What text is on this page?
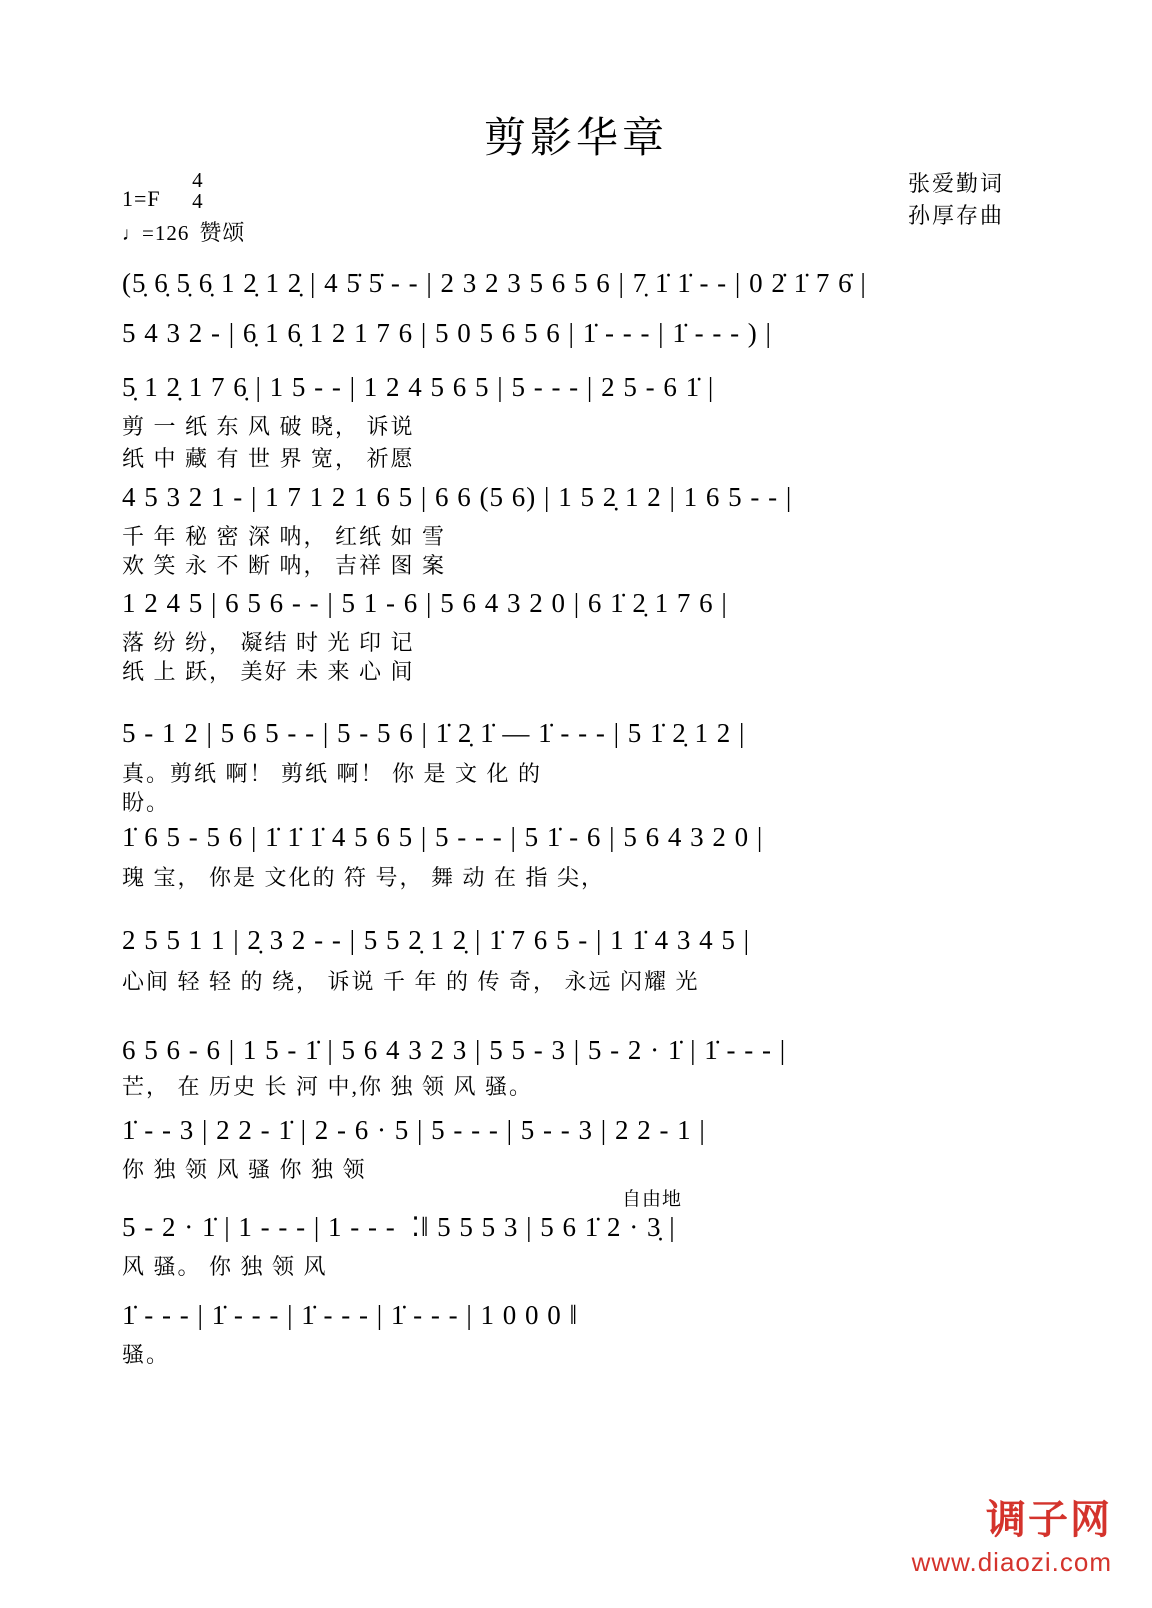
剪影华章
1=F
4
4
♩=126 赞颂
张爱勤词
孙厚存曲
(5̣ 6̣ 5̣ 6̣ 1 2̣ 1 2̣ | 4 5̇ 5̇ - - | 2 3 2 3 5 6 5 6 | 7̣ 1̇ 1̇ - - | 0 2̇ 1̇ 7 6̇ |
5 4 3 2 - | 6̣ 1 6̣ 1 2 1 7 6 | 5 0 5 6 5 6 | 1̇ - - - | 1̇ - - - ) |
5̣ 1 2̣ 1 7 6̣ | 1 5 - - | 1 2 4 5 6 5 | 5 - - - | 2 5 - 6 1̇ |
剪 一 纸 东 风 破 晓， 诉说
纸 中 藏 有 世 界 宽， 祈愿
4 5 3 2 1 - | 1 7 1 2 1 6 5 | 6 6 (5 6) | 1 5 2̣ 1 2 | 1 6 5 - - |
千 年 秘 密 深 呐， 红纸 如 雪
欢 笑 永 不 断 呐， 吉祥 图 案
1 2 4 5 | 6 5 6 - - | 5 1 - 6 | 5 6 4 3 2 0 | 6 1̇ 2̣ 1 7 6 |
落 纷 纷， 凝结 时 光 印 记
纸 上 跃， 美好 未 来 心 间
5 - 1 2 | 5 6 5 - - | 5 - 5 6 | 1̇ 2̣ 1̇ — 1̇ - - - | 5 1̇ 2̣ 1 2 |
真。剪纸 啊！ 剪纸 啊！ 你 是 文 化 的
盼。
1̇ 6 5 - 5 6 | 1̇ 1̇ 1̇ 4 5 6 5 | 5 - - - | 5 1̇ - 6 | 5 6 4 3 2 0 |
瑰 宝， 你是 文化的 符 号， 舞 动 在 指 尖，
2 5 5 1 1 | 2̣ 3 2 - - | 5 5 2̣ 1 2̣ | 1̇ 7 6 5 - | 1 1̇ 4 3 4 5 |
心间 轻 轻 的 绕， 诉说 千 年 的 传 奇， 永远 闪耀 光
6 5 6 - 6 | 1 5 - 1̇ | 5 6 4 3 2 3 | 5 5 - 3 | 5 - 2 · 1̇ | 1̇ - - - |
芒， 在 历史 长 河 中,你 独 领 风 骚。
1̇ - - 3 | 2 2 - 1̇ | 2 - 6 · 5 | 5 - - - | 5 - - 3 | 2 2 - 1 |
你 独 领 风 骚 你 独 领
自由地
5 - 2 · 1̇ | 1 - - - | 1 - - -  ⁚‖ 5 5 5 3 | 5 6 1̇ 2 · 3̣ |
风 骚。 你 独 领 风
1̇ - - - | 1̇ - - - | 1̇ - - - | 1̇ - - - | 1 0 0 0 ‖
骚。
调子网
www.diaozi.com
